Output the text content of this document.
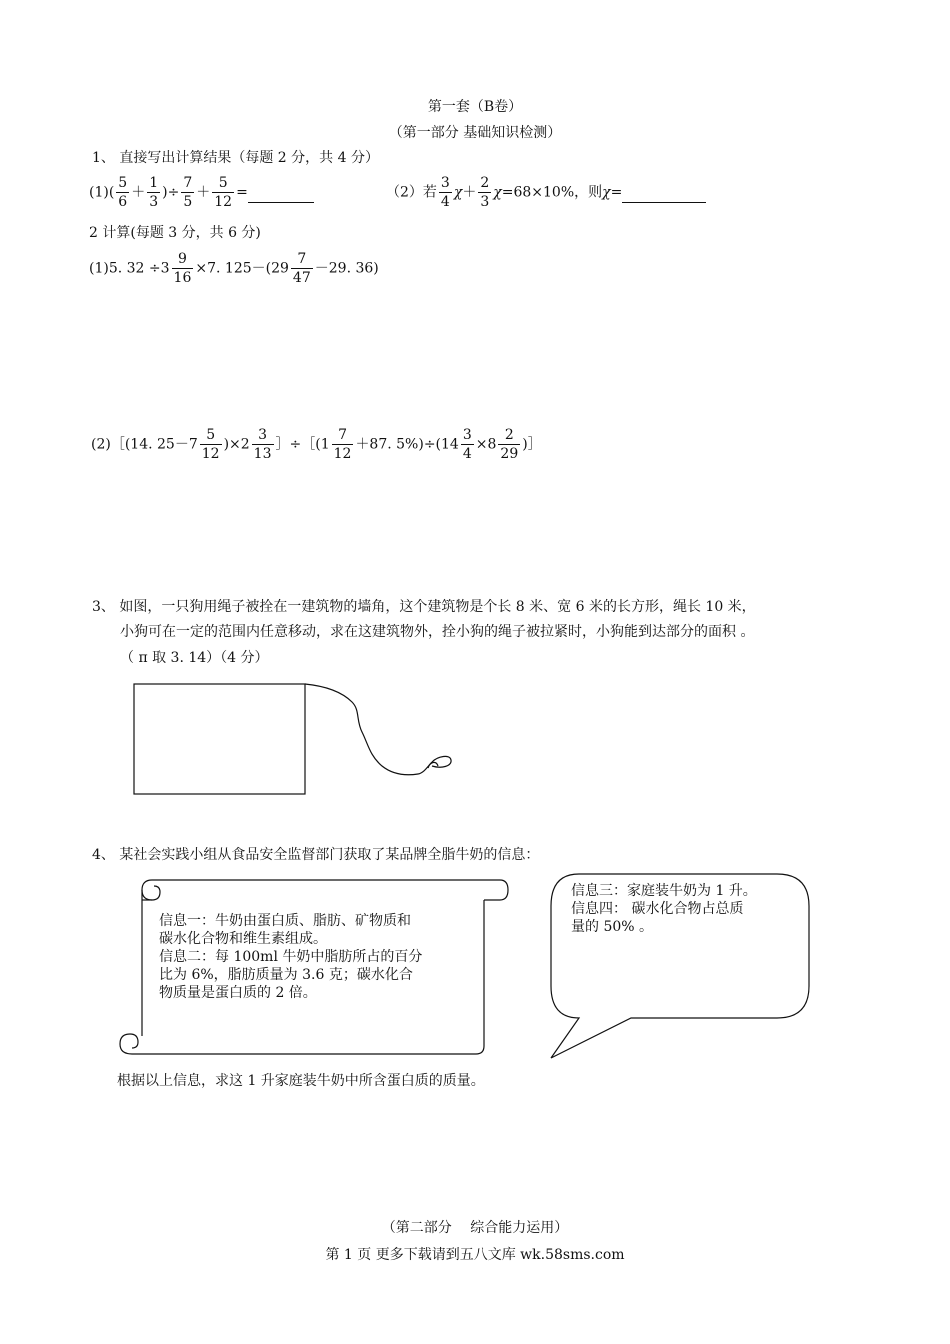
第一套（B卷）
（第一部分 基础知识检测）
1、 直接写出计算结果（每题 2 分，共 4 分）
$(1)( \frac{5}{6} + \frac{1}{3}$ )÷ $\frac{7}{5} + \frac{5}{12}$ =	（2）若 $\frac{3}{4} \chi+ \frac{2}{3} \chi=68\times 10\%$，则χ=
2 计算(每题 3 分，共 6 分)
(1)5. $32 \div 3 \frac{9}{16} \times 7$. $125-(29 \frac{7}{47} -29$. 36)
(2)［(14. $25-7 \frac{5}{12} )\times 2 \frac{3}{13}$ ］÷［(1 $\frac{7}{12} +87$. $5\%)\div(14 \frac{3}{4} \times 8 \frac{2}{29}$ )］
3、 如图，一只狗用绳子被拴在一建筑物的墙角，这个建筑物是个长 8 米、宽 6 米的长方形，绳长 10 米，
小狗可在一定的范围内任意移动，求在这建筑物外，拴小狗的绳子被拉紧时，小狗能到达部分的面积 。
（ π 取 3. 14）（4 分）
4、 某社会实践小组从食品安全监督部门获取了某品牌全脂牛奶的信息：
信息一：牛奶由蛋白质、脂肪、矿物质和
碳水化合物和维生素组成。
信息二：每 100ml 牛奶中脂肪所占的百分
比为 6%，脂肪质量为 3.6 克；碳水化合
物质量是蛋白质的 2 倍。
信息三：家庭装牛奶为 1 升。
信息四： 碳水化合物占总质
量的 50% 。
根据以上信息，求这 1 升家庭装牛奶中所含蛋白质的质量。
（第二部分　 综合能力运用）
第 1 页 更多下载请到五八文库 wk.58sms.com
